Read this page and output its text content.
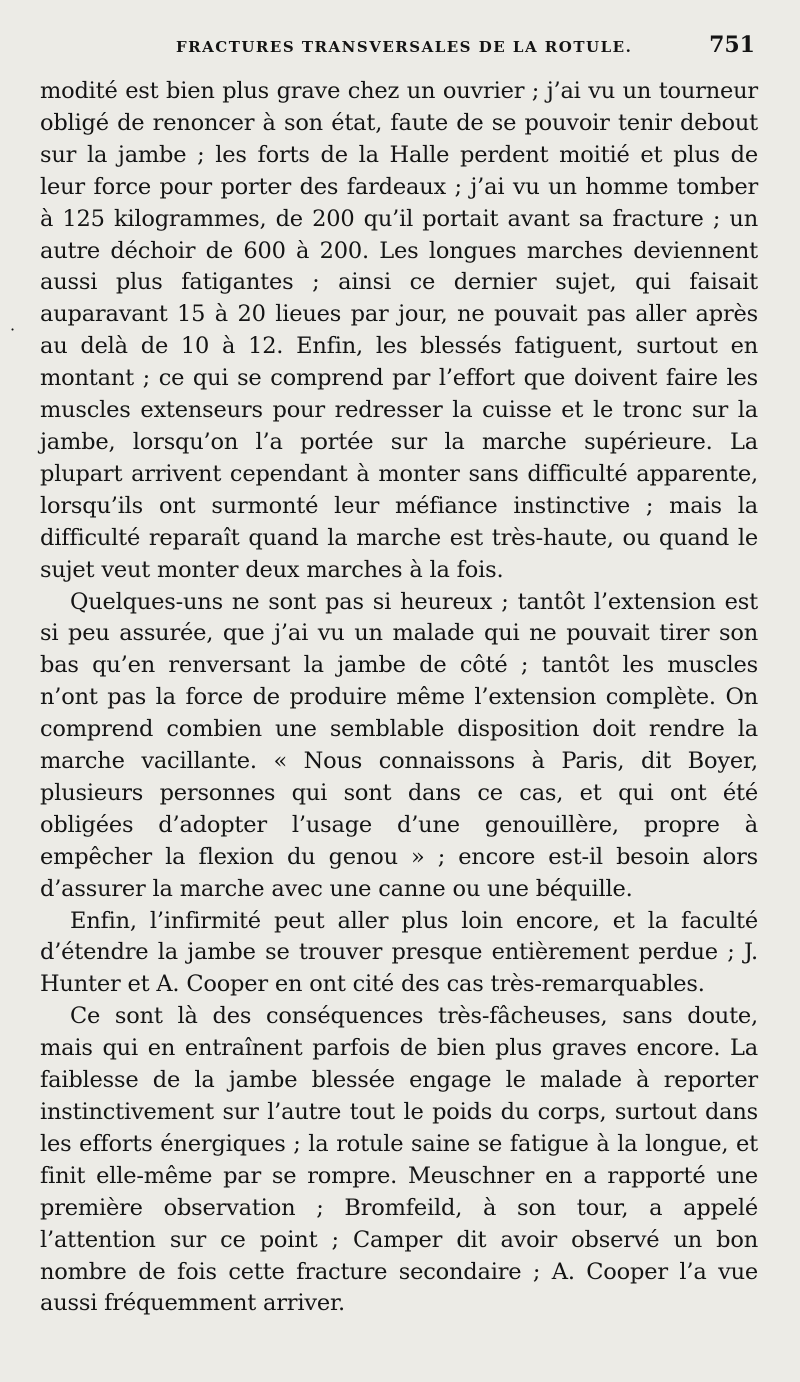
FRACTURES TRANSVERSALES DE LA ROTULE.	751
·

modité est bien plus grave chez un ouvrier ; j’ai vu un tourneur obligé de renoncer à son état, faute de se pouvoir tenir debout sur la jambe ; les forts de la Halle perdent moitié et plus de leur force pour porter des fardeaux ; j’ai vu un homme tomber à 125 kilogrammes, de 200 qu’il portait avant sa fracture ; un autre déchoir de 600 à 200. Les longues marches deviennent aussi plus fatigantes ; ainsi ce dernier sujet, qui faisait auparavant 15 à 20 lieues par jour, ne pouvait pas aller après au delà de 10 à 12. Enfin, les blessés fatiguent, surtout en montant ; ce qui se comprend par l’effort que doivent faire les muscles extenseurs pour redresser la cuisse et le tronc sur la jambe, lorsqu’on l’a portée sur la marche supérieure. La plupart arrivent cependant à monter sans difficulté apparente, lorsqu’ils ont surmonté leur méfiance instinctive ; mais la difficulté reparaît quand la marche est très-haute, ou quand le sujet veut monter deux marches à la fois.

Quelques-uns ne sont pas si heureux ; tantôt l’extension est si peu assurée, que j’ai vu un malade qui ne pouvait tirer son bas qu’en renversant la jambe de côté ; tantôt les muscles n’ont pas la force de produire même l’extension complète. On comprend combien une semblable disposition doit rendre la marche vacillante. « Nous connaissons à Paris, dit Boyer, plusieurs personnes qui sont dans ce cas, et qui ont été obligées d’adopter l’usage d’une genouillère, propre à empêcher la flexion du genou » ; encore est-il besoin alors d’assurer la marche avec une canne ou une béquille.

Enfin, l’infirmité peut aller plus loin encore, et la faculté d’étendre la jambe se trouver presque entièrement perdue ; J. Hunter et A. Cooper en ont cité des cas très-remarquables.

Ce sont là des conséquences très-fâcheuses, sans doute, mais qui en entraînent parfois de bien plus graves encore. La faiblesse de la jambe blessée engage le malade à reporter instinctivement sur l’autre tout le poids du corps, surtout dans les efforts énergiques ; la rotule saine se fatigue à la longue, et finit elle-même par se rompre. Meuschner en a rapporté une première observation ; Bromfeild, à son tour, a appelé l’attention sur ce point ; Camper dit avoir observé un bon nombre de fois cette fracture secondaire ; A. Cooper l’a vue aussi fréquemment arriver.
